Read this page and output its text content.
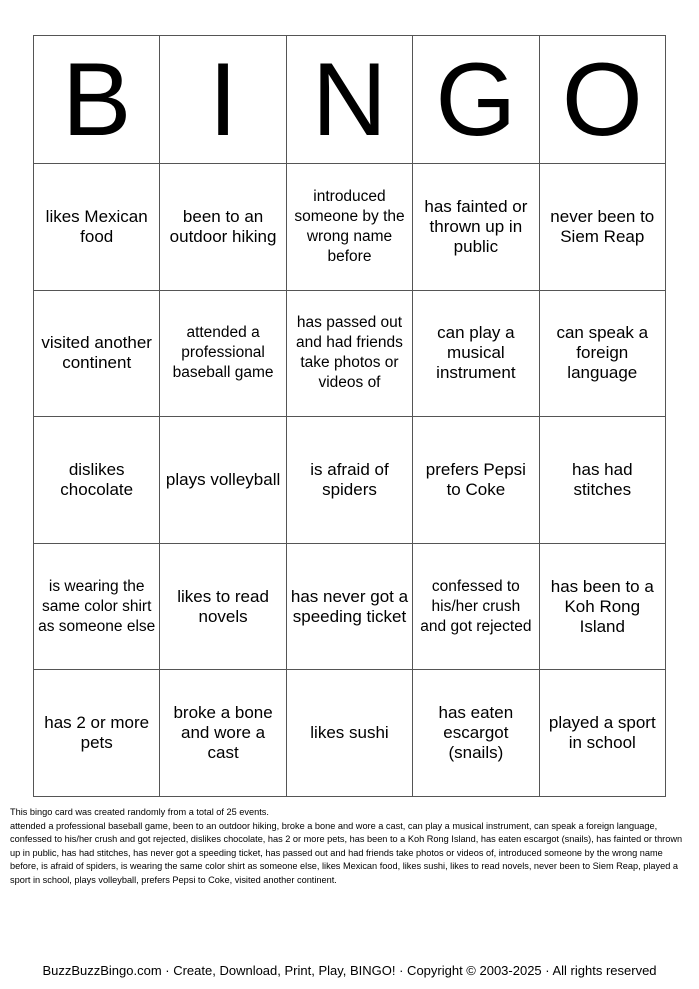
B	I	N	G	O
likes Mexican food	been to an outdoor hiking	introduced someone by the wrong name before	has fainted or thrown up in public	never been to Siem Reap
visited another continent	attended a professional baseball game	has passed out and had friends take photos or videos of	can play a musical instrument	can speak a foreign language
dislikes chocolate	plays volleyball	is afraid of spiders	prefers Pepsi to Coke	has had stitches
is wearing the same color shirt as someone else	likes to read novels	has never got a speeding ticket	confessed to his/her crush and got rejected	has been to a Koh Rong Island
has 2 or more pets	broke a bone and wore a cast	likes sushi	has eaten escargot (snails)	played a sport in school

This bingo card was created randomly from a total of 25 events.

attended a professional baseball game, been to an outdoor hiking, broke a bone and wore a cast, can play a musical instrument, can speak a foreign language, confessed to his/her crush and got rejected, dislikes chocolate, has 2 or more pets, has been to a Koh Rong Island, has eaten escargot (snails), has fainted or thrown up in public, has had stitches, has never got a speeding ticket, has passed out and had friends take photos or videos of, introduced someone by the wrong name before, is afraid of spiders, is wearing the same color shirt as someone else, likes Mexican food, likes sushi, likes to read novels, never been to Siem Reap, played a sport in school, plays volleyball, prefers Pepsi to Coke, visited another continent.

BuzzBuzzBingo.com · Create, Download, Print, Play, BINGO! · Copyright © 2003-2025 · All rights reserved
